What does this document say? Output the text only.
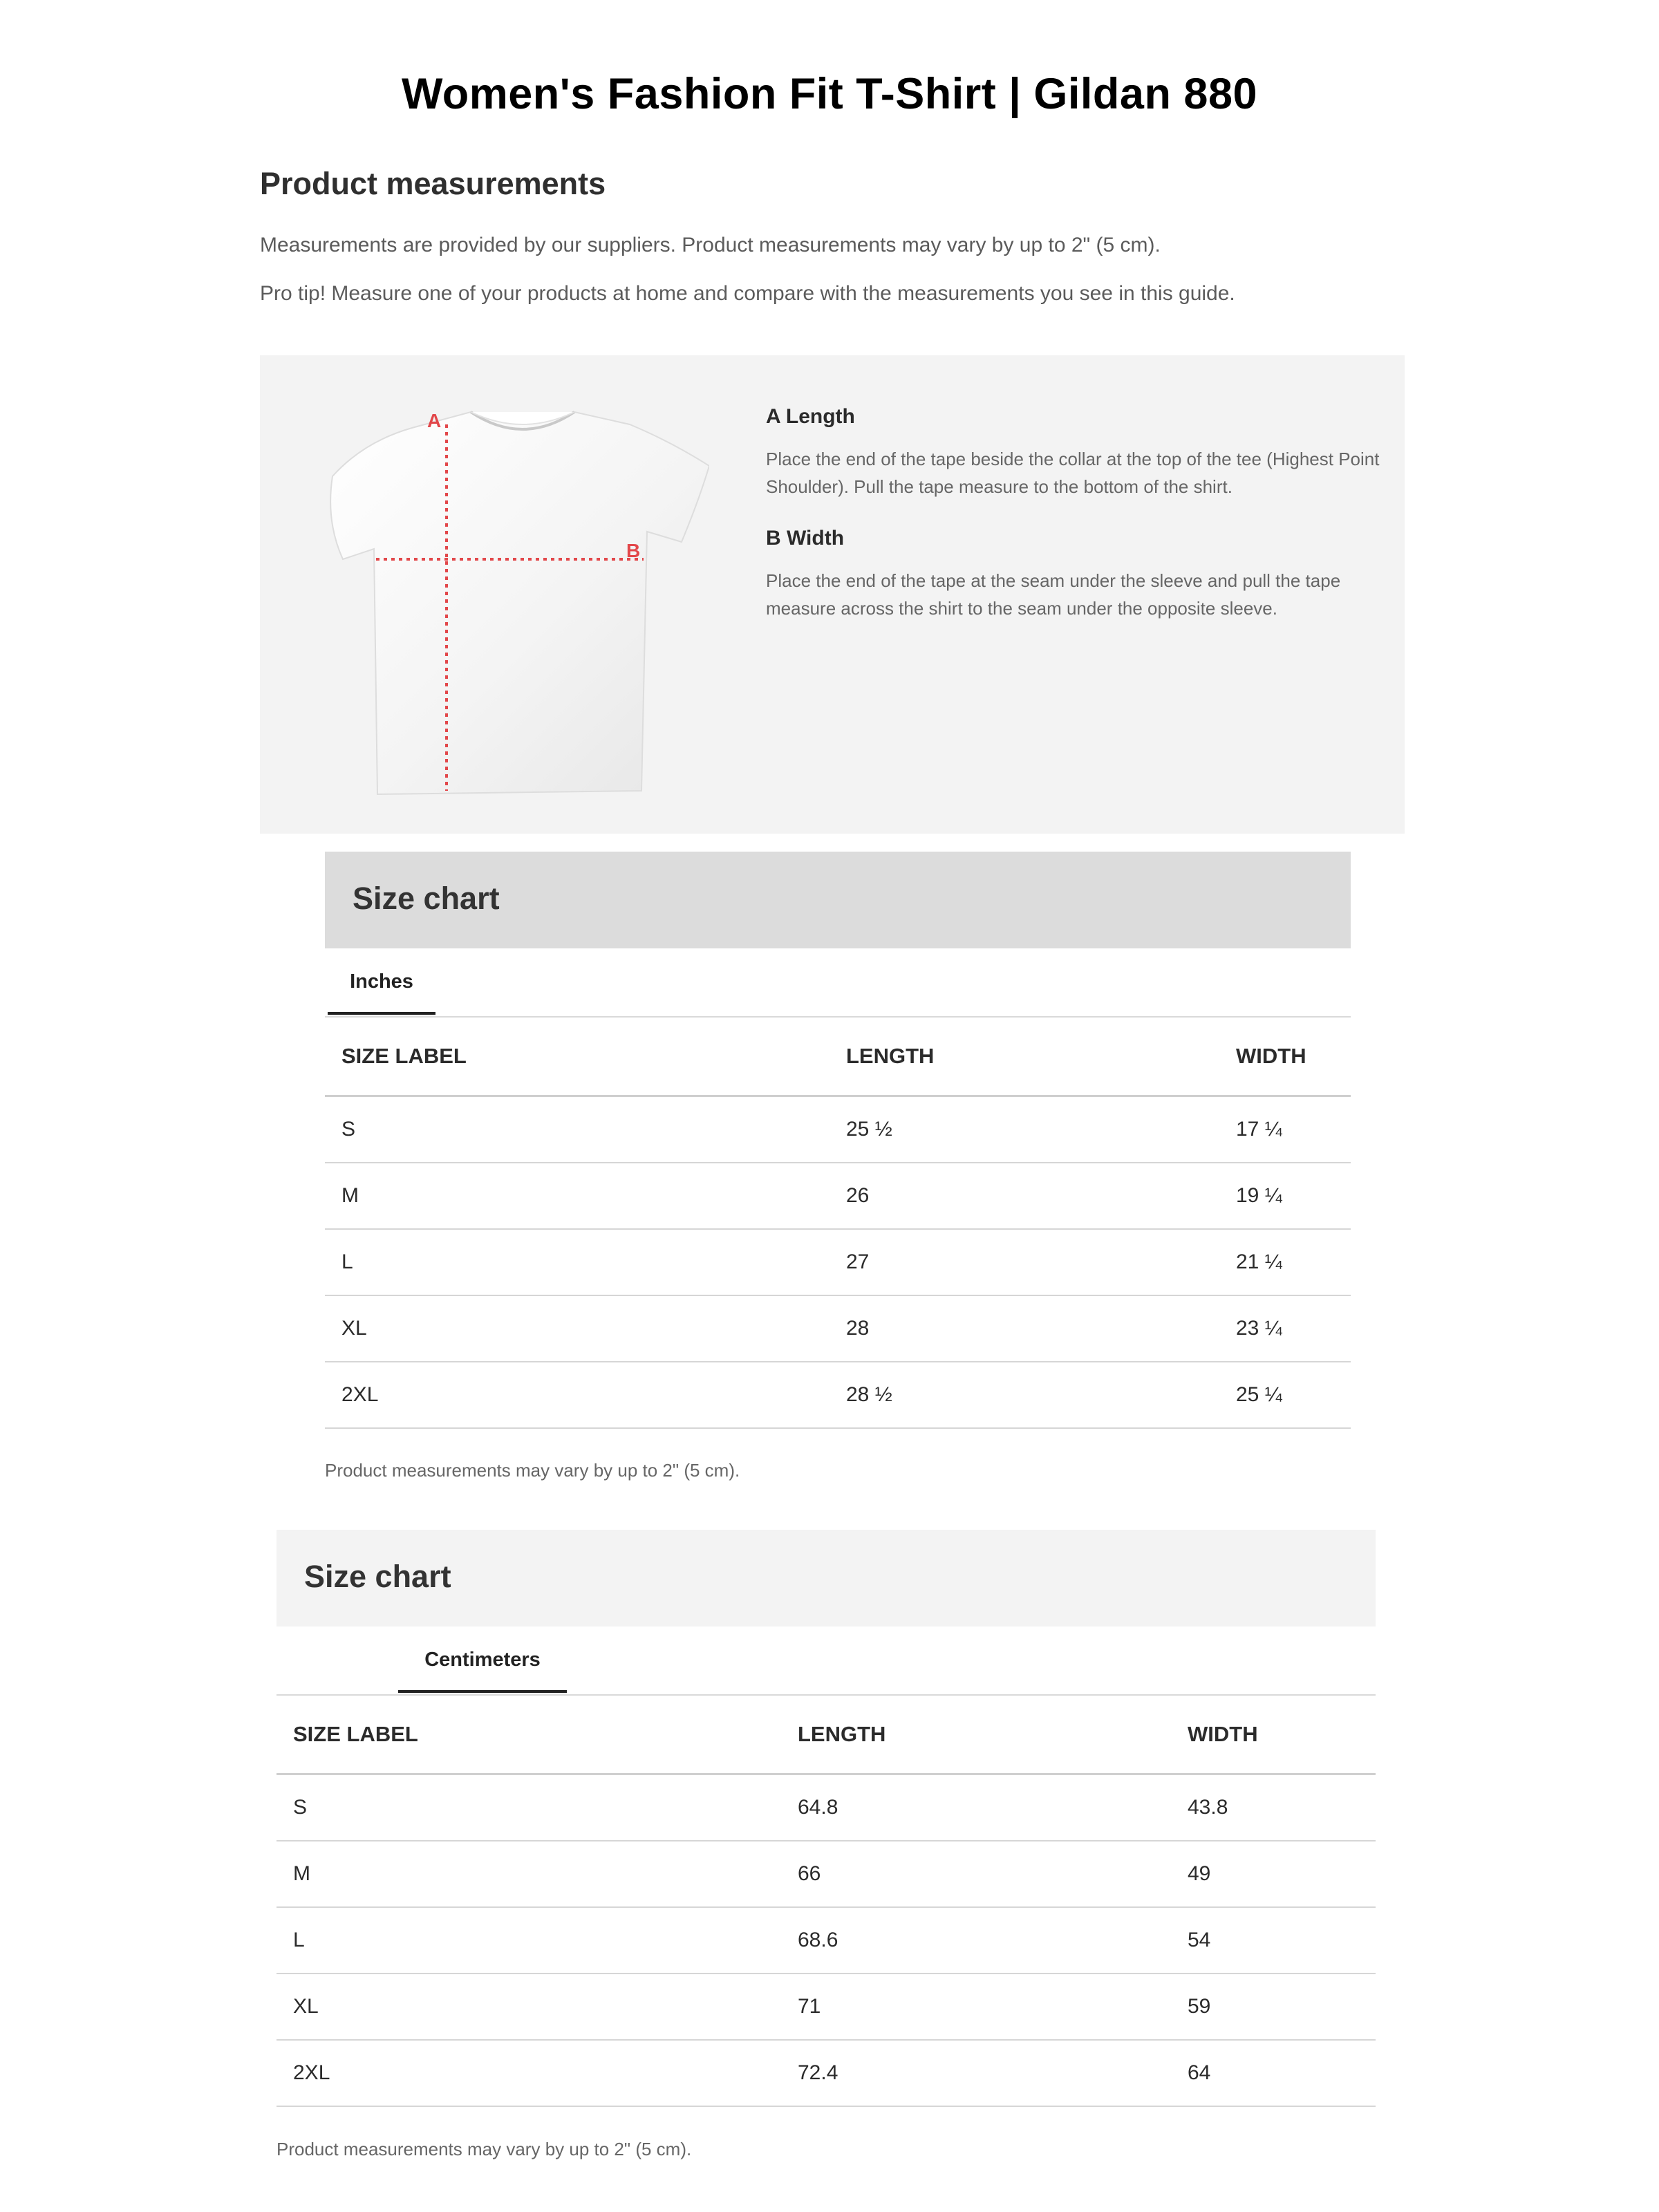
Women's Fashion Fit T-Shirt | Gildan 880
Product measurements

Measurements are provided by our suppliers. Product measurements may vary by up to 2" (5 cm).

Pro tip! Measure one of your products at home and compare with the measurements you see in this guide.

A
B
A Length

Place the end of the tape beside the collar at the top of the tee (Highest Point Shoulder). Pull the tape measure to the bottom of the shirt.

B Width

Place the end of the tape at the seam under the sleeve and pull the tape measure across the shirt to the seam under the opposite sleeve.

Size chart
Inches
SIZE LABEL	LENGTH	WIDTH
S	25 ½	17 ¼
M	26	19 ¼
L	27	21 ¼
XL	28	23 ¼
2XL	28 ½	25 ¼

Product measurements may vary by up to 2" (5 cm).

Size chart
Centimeters
SIZE LABEL	LENGTH	WIDTH
S	64.8	43.8
M	66	49
L	68.6	54
XL	71	59
2XL	72.4	64

Product measurements may vary by up to 2" (5 cm).
